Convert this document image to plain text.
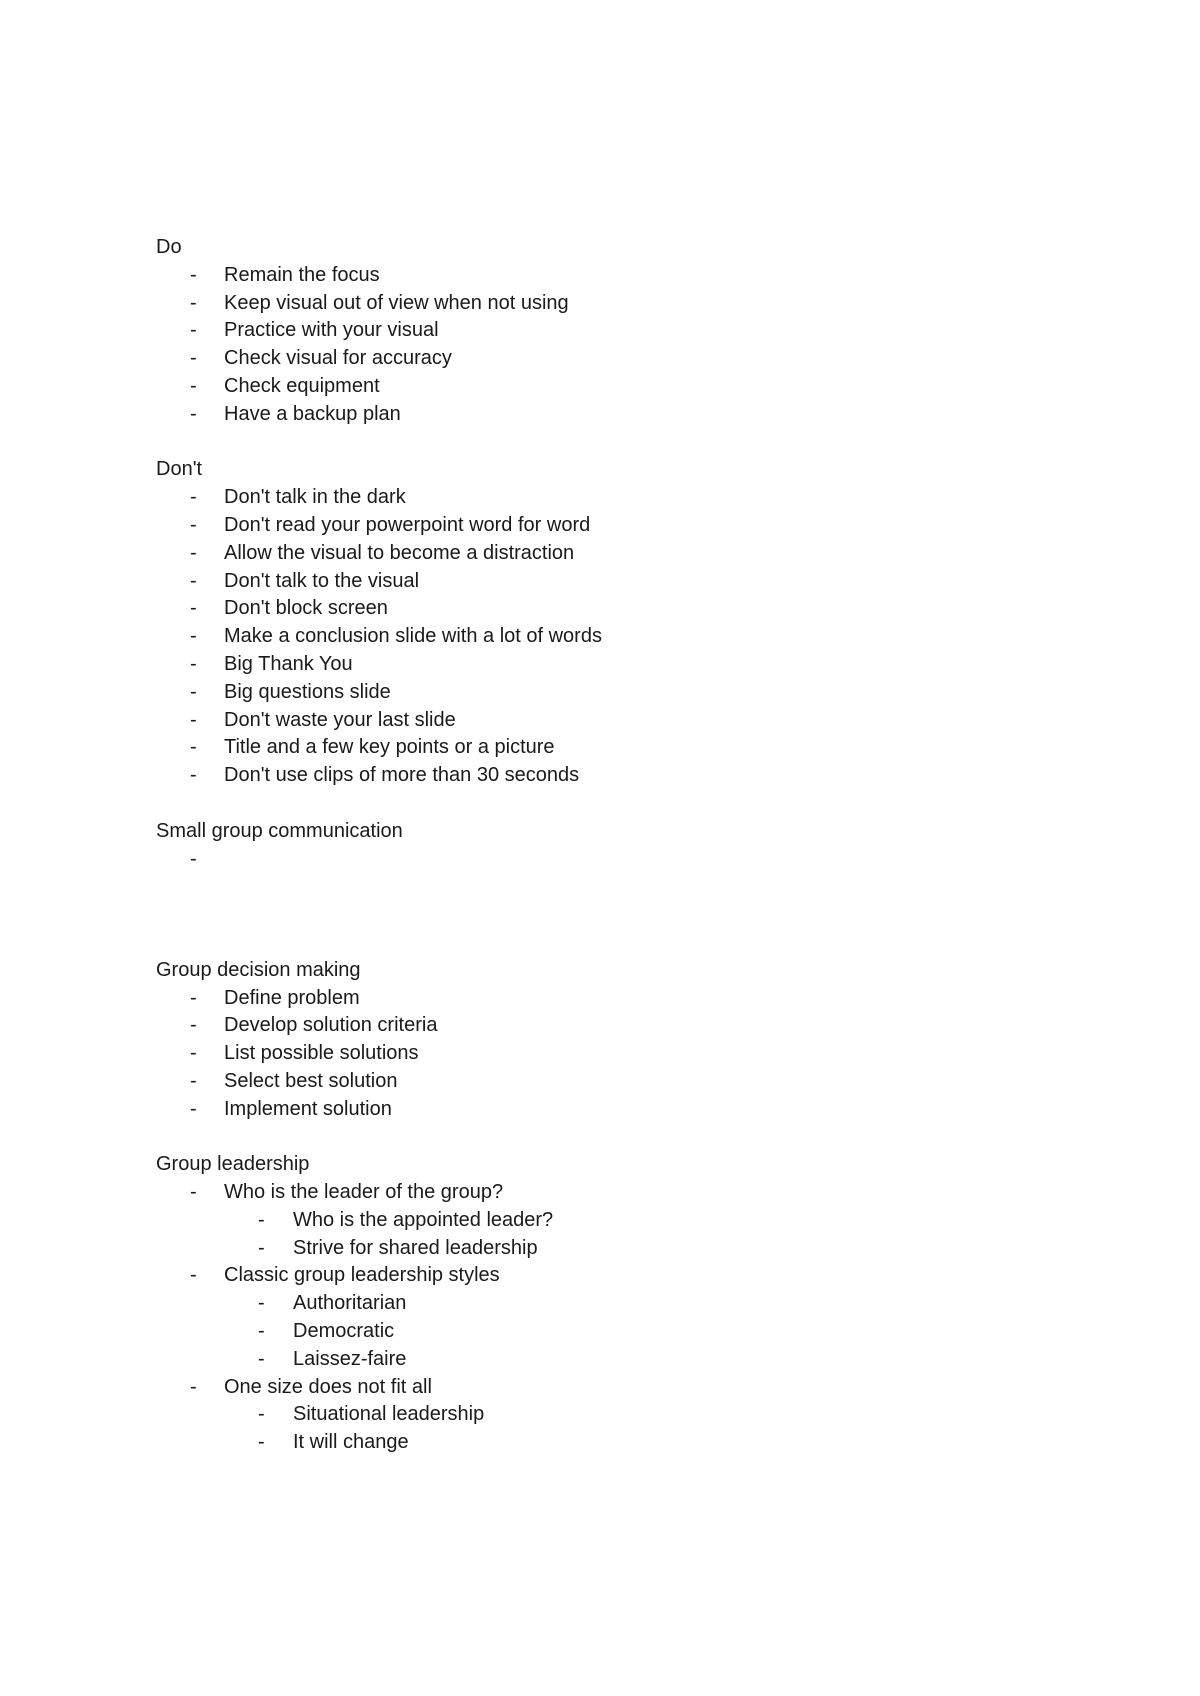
Do
-	Remain the focus
-	Keep visual out of view when not using
-	Practice with your visual
-	Check visual for accuracy
-	Check equipment
-	Have a backup plan
Don't
-	Don't talk in the dark
-	Don't read your powerpoint word for word
-	Allow the visual to become a distraction
-	Don't talk to the visual
-	Don't block screen
-	Make a conclusion slide with a lot of words
-	Big Thank You
-	Big questions slide
-	Don't waste your last slide
-	Title and a few key points or a picture
-	Don't use clips of more than 30 seconds
Small group communication
-
Group decision making
-	Define problem
-	Develop solution criteria
-	List possible solutions
-	Select best solution
-	Implement solution
Group leadership
-	Who is the leader of the group?
-	Who is the appointed leader?
-	Strive for shared leadership
-	Classic group leadership styles
-	Authoritarian
-	Democratic
-	Laissez-faire
-	One size does not fit all
-	Situational leadership
-	It will change
